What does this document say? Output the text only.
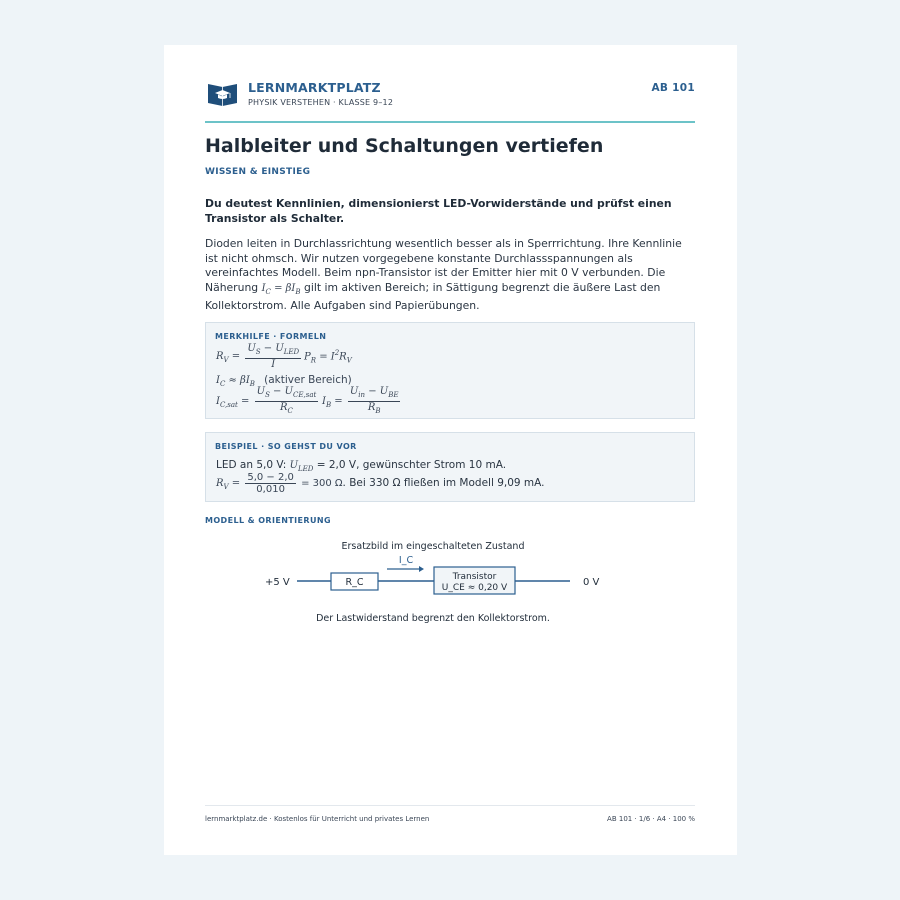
LERNMARKTPLATZ
PHYSIK VERSTEHEN · KLASSE 9–12
AB 101
Halbleiter und Schaltungen vertiefen
WISSEN & EINSTIEG

Du deutest Kennlinien, dimensionierst LED-Vorwiderstände und prüfst einen Transistor als Schalter.

Dioden leiten in Durchlassrichtung wesentlich besser als in Sperrrichtung. Ihre Kennlinie ist nicht ohmsch. Wir nutzen vorgegebene konstante Durchlassspannungen als vereinfachtes Modell. Beim npn-Transistor ist der Emitter hier mit 0 V verbunden. Die Näherung $I_C = \beta I_B$ gilt im aktiven Bereich; in Sättigung begrenzt die äußere Last den Kollektorstrom. Alle Aufgaben sind Papierübungen.

MERKHILFE · FORMELN
$R_V = \frac{U_S - U_{LED}}{I} P_R = I^2R_V$
$I_C \approx \beta I_B$ (aktiver Bereich)
$I_{C,sat} = \frac{U_S - U_{CE,sat}}{R_C} I_B = \frac{U_{in} - U_{BE}}{R_B}$
BEISPIEL · SO GEHST DU VOR
LED an 5,0 V: $U_{LED} = 2,0$ V, gewünschter Strom 10 mA.
$R_V = \frac{5,0 - 2,0}{0,010} = 300$ Ω. Bei 330 Ω fließen im Modell 9,09 mA.
MODELL & ORIENTIERUNG
Ersatzbild im eingeschalteten Zustand
+5 V	R_C
I_C
Transistor
U_CE ≈ 0,20 V	0 V
Der Lastwiderstand begrenzt den Kollektorstrom.
lernmarktplatz.de · Kostenlos für Unterricht und privates Lernen	AB 101 · 1/6 · A4 · 100 %
